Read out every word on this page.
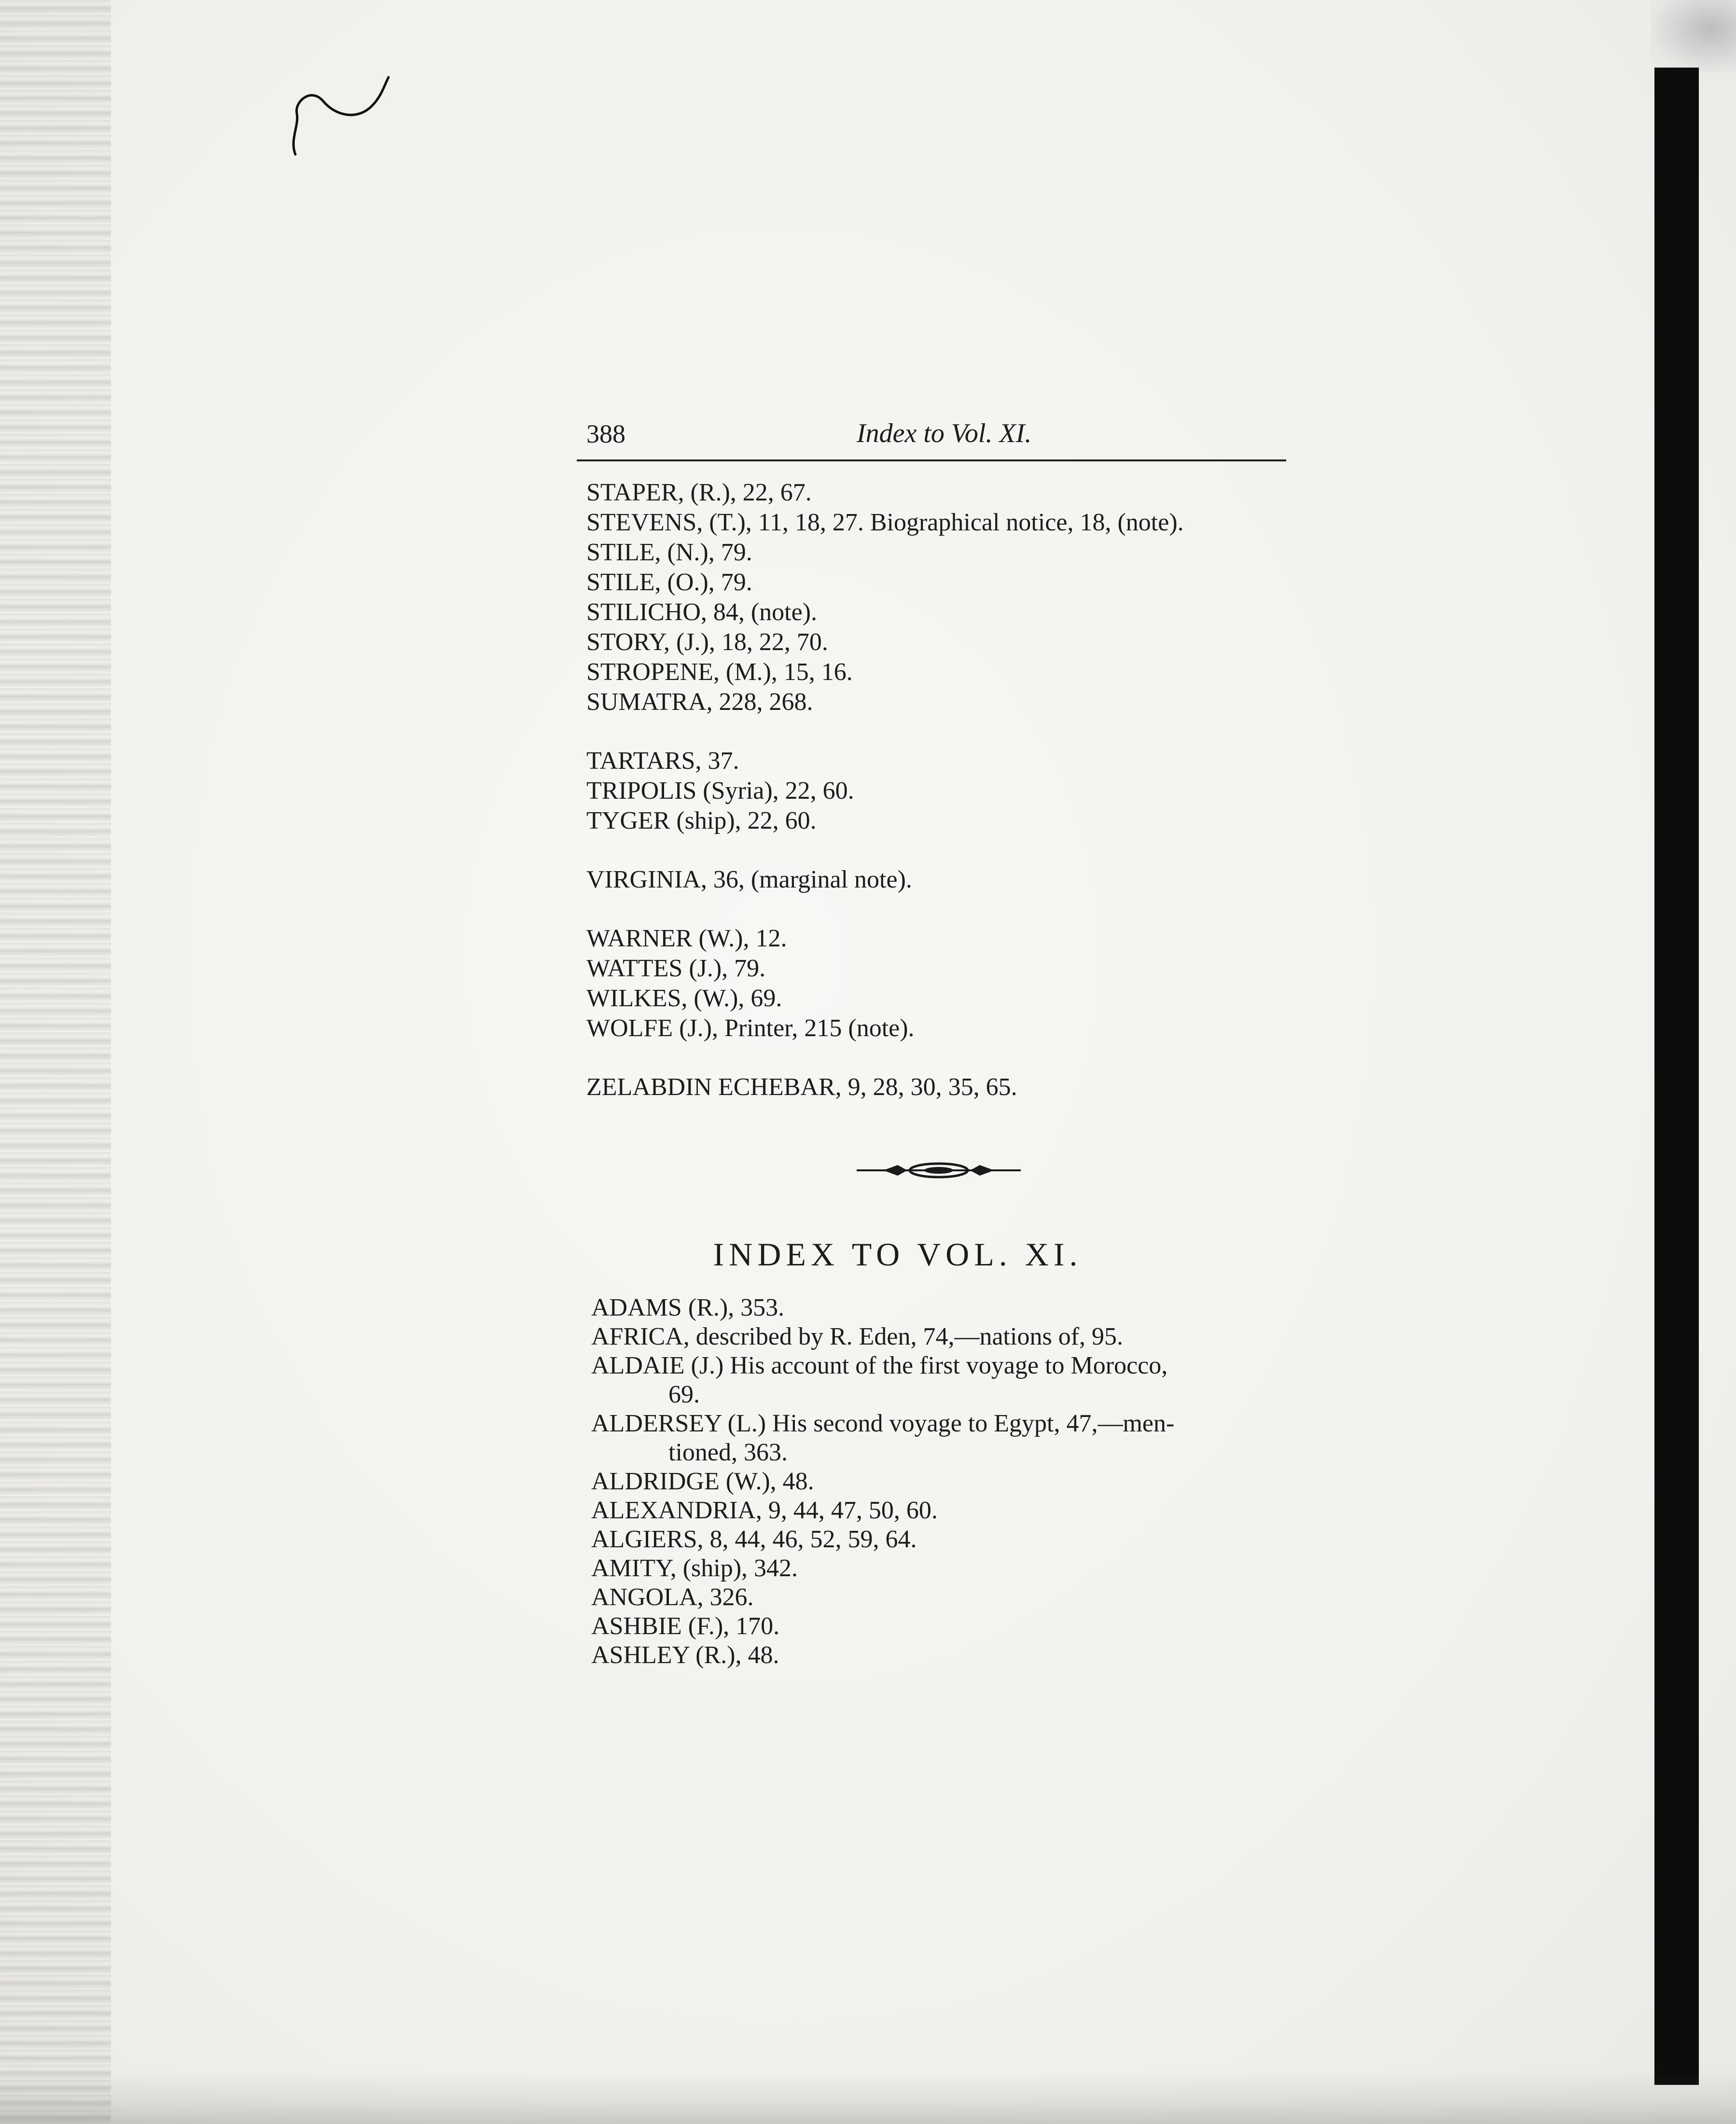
388	Index to Vol. XI.
STAPER, (R.), 22, 67.
STEVENS, (T.), 11, 18, 27. Biographical notice, 18, (note).
STILE, (N.), 79.
STILE, (O.), 79.
STILICHO, 84, (note).
STORY, (J.), 18, 22, 70.
STROPENE, (M.), 15, 16.
SUMATRA, 228, 268.
TARTARS, 37.
TRIPOLIS (Syria), 22, 60.
TYGER (ship), 22, 60.
VIRGINIA, 36, (marginal note).
WARNER (W.), 12.
WATTES (J.), 79.
WILKES, (W.), 69.
WOLFE (J.), Printer, 215 (note).
ZELABDIN ECHEBAR, 9, 28, 30, 35, 65.
INDEX TO VOL. XI.
ADAMS (R.), 353.
AFRICA, described by R. Eden, 74,—nations of, 95.
ALDAIE (J.) His account of the first voyage to Morocco,
69.
ALDERSEY (L.) His second voyage to Egypt, 47,—men-
tioned, 363.
ALDRIDGE (W.), 48.
ALEXANDRIA, 9, 44, 47, 50, 60.
ALGIERS, 8, 44, 46, 52, 59, 64.
AMITY, (ship), 342.
ANGOLA, 326.
ASHBIE (F.), 170.
ASHLEY (R.), 48.
